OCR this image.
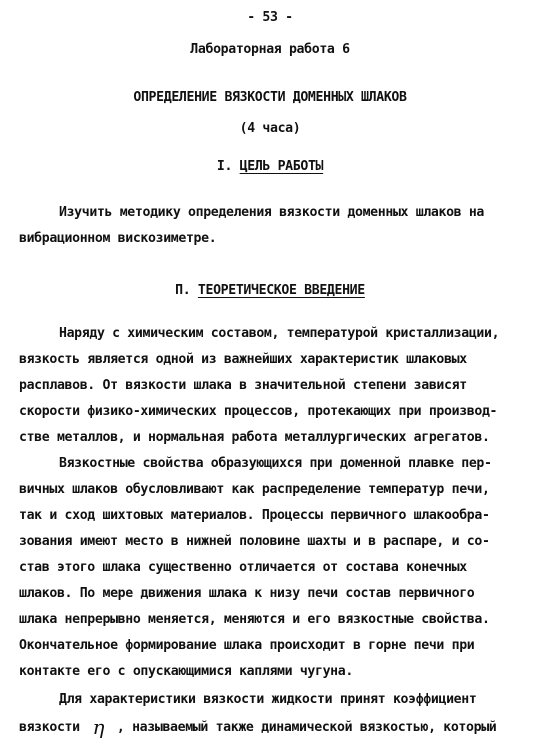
- 53 -
Лабораторная работа 6
ОПРЕДЕЛЕНИЕ ВЯЗКОСТИ ДОМЕННЫХ ШЛАКОВ
(4 часа)
I. ЦЕЛЬ РАБОТЫ
Изучить методику определения вязкости доменных шлаков на
вибрационном вискозиметре.
П. ТЕОРЕТИЧЕСКОЕ ВВЕДЕНИЕ
Наряду с химическим составом, температурой кристаллизации,
вязкость является одной из важнейших характеристик шлаковых
расплавов. От вязкости шлака в значительной степени зависят
скорости физико-химических процессов, протекающих при производ-
стве металлов, и нормальная работа металлургических агрегатов.
Вязкостные свойства образующихся при доменной плавке пер-
вичных шлаков обусловливают как распределение температур печи,
так и сход шихтовых материалов. Процессы первичного шлакообра-
зования имеют место в нижней половине шахты и в распаре, и со-
став этого шлака существенно отличается от состава конечных
шлаков. По мере движения шлака к низу печи состав первичного
шлака непрерывно меняется, меняются и его вязкостные свойства.
Окончательное формирование шлака происходит в горне печи при
контакте его с опускающимися каплями чугуна.
Для характеристики вязкости жидкости принят коэффициент
вязкости η , называемый также динамической вязкостью, который
